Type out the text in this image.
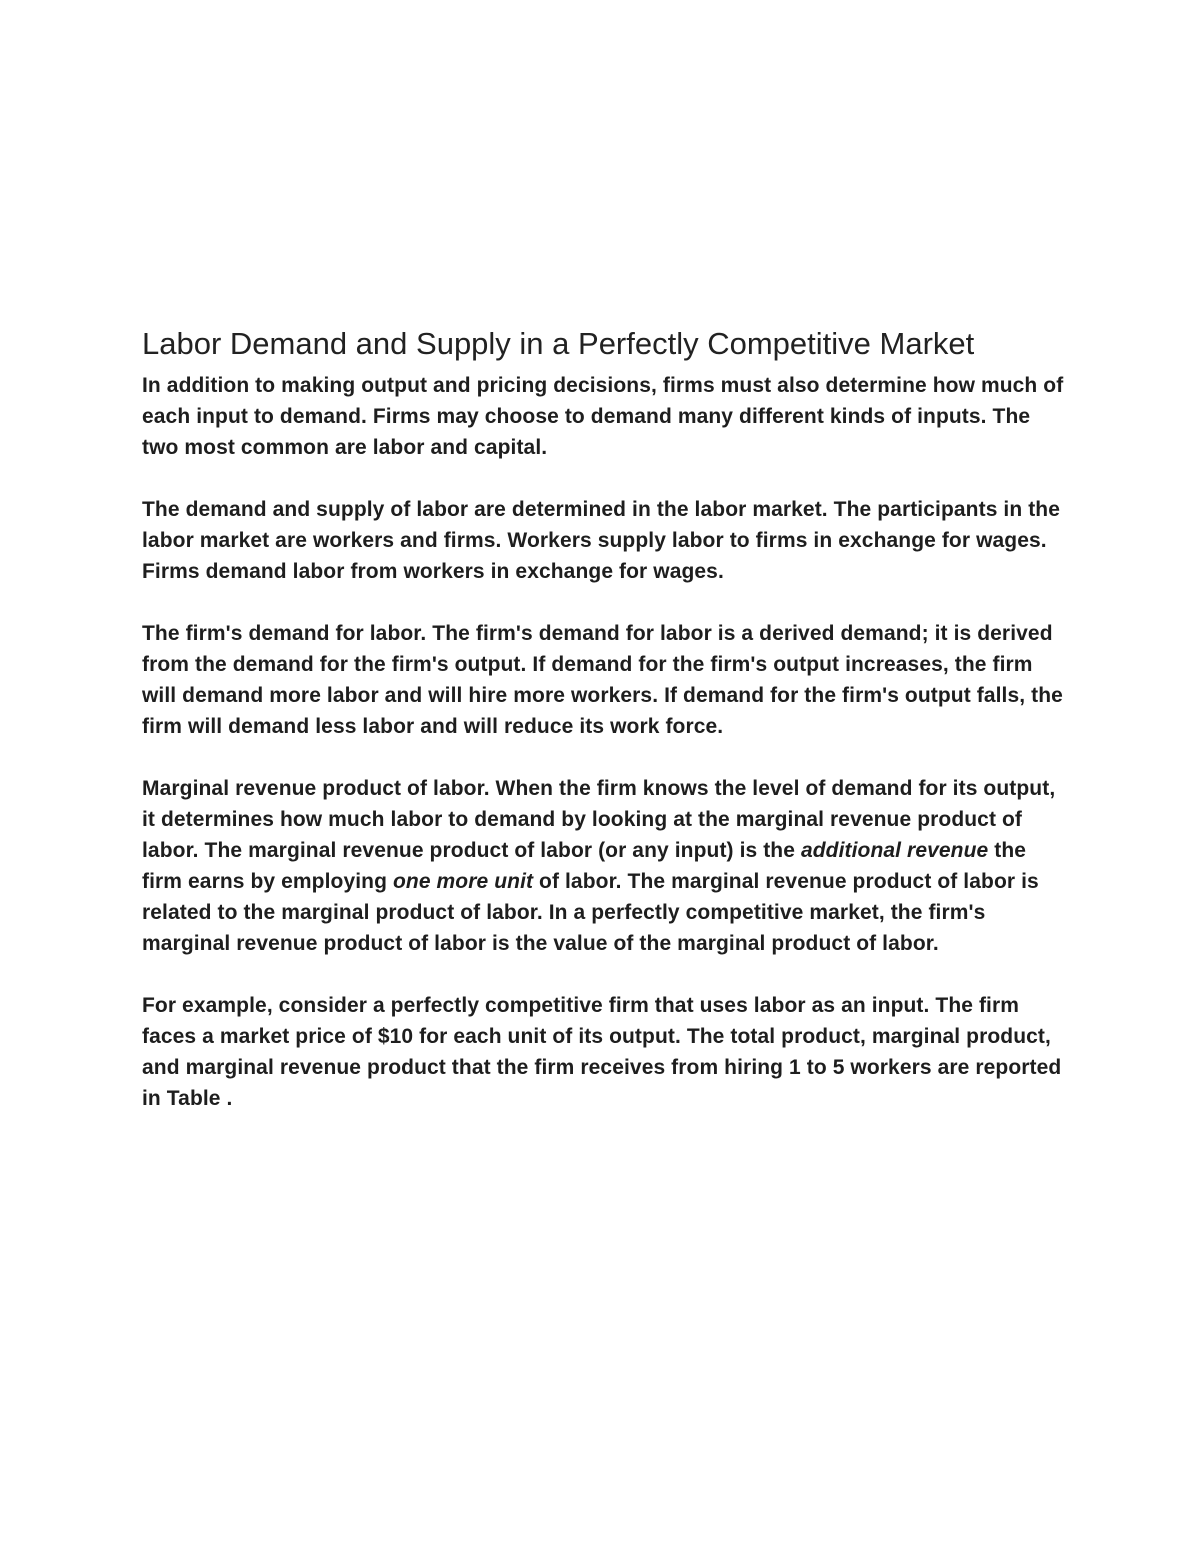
Labor Demand and Supply in a Perfectly Competitive Market

In addition to making output and pricing decisions, firms must also determine how much of each input to demand. Firms may choose to demand many different kinds of inputs. The two most common are labor and capital.

The demand and supply of labor are determined in the labor market. The participants in the labor market are workers and firms. Workers supply labor to firms in exchange for wages. Firms demand labor from workers in exchange for wages.

The firm's demand for labor. The firm's demand for labor is a derived demand; it is derived from the demand for the firm's output. If demand for the firm's output increases, the firm will demand more labor and will hire more workers. If demand for the firm's output falls, the firm will demand less labor and will reduce its work force.

Marginal revenue product of labor. When the firm knows the level of demand for its output, it determines how much labor to demand by looking at the marginal revenue product of labor. The marginal revenue product of labor (or any input) is the additional revenue the firm earns by employing one more unit of labor. The marginal revenue product of labor is related to the marginal product of labor. In a perfectly competitive market, the firm's marginal revenue product of labor is the value of the marginal product of labor.

For example, consider a perfectly competitive firm that uses labor as an input. The firm faces a market price of $10 for each unit of its output. The total product, marginal product, and marginal revenue product that the firm receives from hiring 1 to 5 workers are reported in Table .
